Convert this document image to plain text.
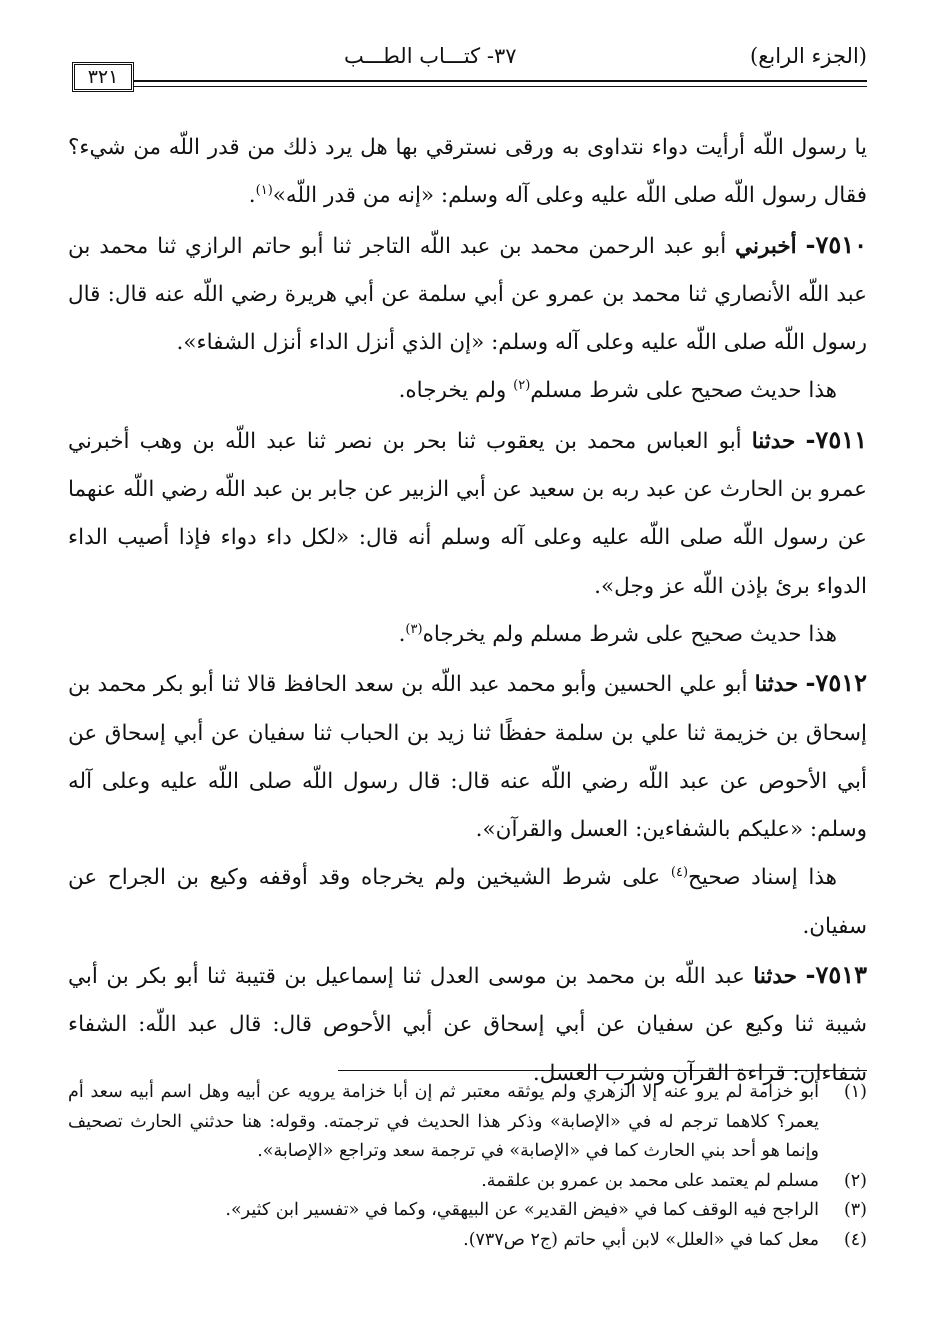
(الجزء الرابع)
٣٧- كتـــاب الطـــب
٣٢١

يا رسول اللّه أرأيت دواء نتداوى به ورقى نسترقي بها هل يرد ذلك من قدر اللّه من شيء؟ فقال رسول اللّه صلى اللّه عليه وعلى آله وسلم: «إنه من قدر اللّه»$^{(١)}$.

٧٥١٠- أخبرني أبو عبد الرحمن محمد بن عبد اللّه التاجر ثنا أبو حاتم الرازي ثنا محمد بن عبد اللّه الأنصاري ثنا محمد بن عمرو عن أبي سلمة عن أبي هريرة رضي اللّه عنه قال: قال رسول اللّه صلى اللّه عليه وعلى آله وسلم: «إن الذي أنزل الداء أنزل الشفاء».

هذا حديث صحيح على شرط مسلم$^{(٢)}$ ولم يخرجاه.

٧٥١١- حدثنا أبو العباس محمد بن يعقوب ثنا بحر بن نصر ثنا عبد اللّه بن وهب أخبرني عمرو بن الحارث عن عبد ربه بن سعيد عن أبي الزبير عن جابر بن عبد اللّه رضي اللّه عنهما عن رسول اللّه صلى اللّه عليه وعلى آله وسلم أنه قال: «لكل داء دواء فإذا أصيب الداء الدواء برئ بإذن اللّه عز وجل».

هذا حديث صحيح على شرط مسلم ولم يخرجاه$^{(٣)}$.

٧٥١٢- حدثنا أبو علي الحسين وأبو محمد عبد اللّه بن سعد الحافظ قالا ثنا أبو بكر محمد بن إسحاق بن خزيمة ثنا علي بن سلمة حفظًا ثنا زيد بن الحباب ثنا سفيان عن أبي إسحاق عن أبي الأحوص عن عبد اللّه رضي اللّه عنه قال: قال رسول اللّه صلى اللّه عليه وعلى آله وسلم: «عليكم بالشفاءين: العسل والقرآن».

هذا إسناد صحيح$^{(٤)}$ على شرط الشيخين ولم يخرجاه وقد أوقفه وكيع بن الجراح عن سفيان.

٧٥١٣- حدثنا عبد اللّه بن محمد بن موسى العدل ثنا إسماعيل بن قتيبة ثنا أبو بكر بن أبي شيبة ثنا وكيع عن سفيان عن أبي إسحاق عن أبي الأحوص قال: قال عبد اللّه: الشفاء شفاءان: قراءة القرآن وشرب العسل.

(١)
أبو خزامة لم يرو عنه إلا الزهري ولم يوثقه معتبر ثم إن أبا خزامة يرويه عن أبيه وهل اسم أبيه سعد أم يعمر؟ كلاهما ترجم له في «الإصابة» وذكر هذا الحديث في ترجمته. وقوله: هنا حدثني الحارث تصحيف وإنما هو أحد بني الحارث كما في «الإصابة» في ترجمة سعد وتراجع «الإصابة».

(٢)
مسلم لم يعتمد على محمد بن عمرو بن علقمة.

(٣)
الراجح فيه الوقف كما في «فيض القدير» عن البيهقي، وكما في «تفسير ابن كثير».

(٤)
معل كما في «العلل» لابن أبي حاتم (ج٢ ص٧٣٧).
